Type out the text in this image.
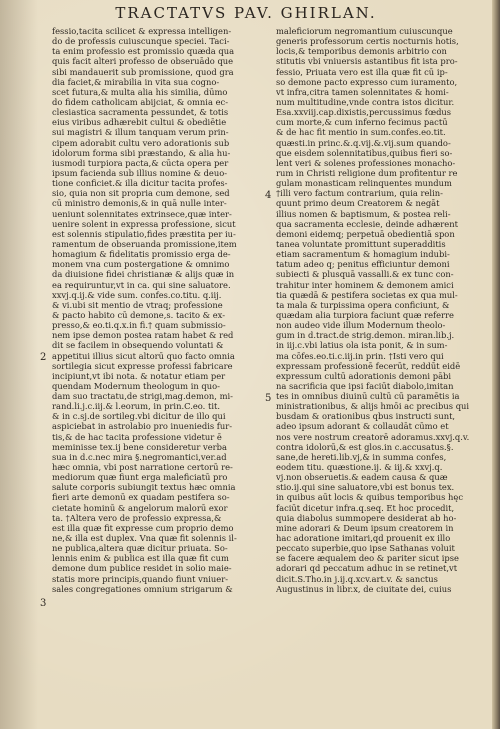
TRACTATVS PAV. GHIRLAN.
fessio,tacita scilicet & expressa intelligen-
do de professis cuiuscunque speciei. Taci-
ta enim professio est promissio quæda qua
quis facit alteri professo de obseruādo que
sibi mandauerit sub promissione, quod gra
dia faciet,& mirabilia in vita sua cogno-
scet futura,& multa alia his similia, dūmo
do fidem catholicam abijciat, & omnia ec-
clesiastica sacramenta pessundet, & totis
eius viribus adhærebit cultui & obediētie
sui magistri & illum tanquam verum prin-
cipem adorabit cultu vero adorationis sub
idolorum forma sibi præstando, & alia hu-
iusmodi turpiora pacta,& cūcta opera per
ipsum facienda sub illius nomine & deuo-
tione conficiet.& illa dicitur tacita profes-
sio, quia non sit propria cum demone, sed
cū ministro demonis,& in quā nulle inter-
ueniunt solennitates extrinsece,quæ inter-
uenire solent in expressa professione, sicut
est solennis stipulatio,fides præstita per iu-
ramentum de obseruanda promissione,item
homagium & fidelitatis promissio erga de-
monem vna cum postergatione & omnimo
da diuisione fidei christianæ & alijs quæ in
ea requiruntur,vt in ca. qui sine saluatore.
xxvj.q.ij.& vide sum. confes.co.titu. q.iij.
& vi.ubi sit mentio de vtraq; professione
& pacto habito cū demone,s. tacito & ex-
presso,& eo.ti.q.x.in fi.† quam submissio-
nem ipse demon postea ratam habet & red
dit se facilem in obsequendo voluntati &
appetitui illius sicut altorū quo facto omnia
sortilegia sicut expresse professi fabricare
incipiunt,vt ibi nota. & notatur etiam per
quendam Modernum theologum in quo-
dam suo tractatu,de strigi,mag.demon, mi-
rand.li.j.c.iij.& l.eorum, in prin.C.eo. tit.
& in c.sj.de sortileg.vbi dicitur de illo qui
aspiciebat in astrolabio pro inueniedis fur-
tis,& de hac tacita professione videtur ē
meminisse tex.ij bene consideretur verba
sua in d.c.nec mira §.negromantici,ver.ad
hæc omnia, vbi post narratione certorū re-
mediorum quæ fiunt erga maleficiatū pro
salute corporis subiungit textus hæc omnia
fieri arte demonū ex quadam pestifera so-
cietate hominū & angelorum malorū exor
ta. †Altera vero de professio expressa,&
est illa quæ fit expresse cum proprio demo
ne,& illa est duplex. Vna quæ fit solennis il-
ne publica,altera quæ dicitur priuata. So-
lennis enim & publica est illa quæ fit cum
demone dum publice residet in solio maie-
statis more principis,quando fiunt vniuer-
sales congregationes omnium strigarum &
maleficiorum negromantium cuiuscunque
generis professorum certis nocturnis hotis,
locis,& temporibus demonis arbitrio con
stitutis vbi vniuersis astantibus fit ista pro-
fessio, Priuata vero est illa quæ fit cū ip-
so demone pacto expresso cum iuramento,
vt infra,citra tamen solennitates & homi-
num multitudine,vnde contra istos dicitur.
Esa.xxviij.cap.dixistis,percussimus fœdus
cum morte,& cum inferno fecimus pactū
& de hac fit mentio in sum.confes.eo.tit.
quæsti.in princ.&.q.vij.&.vij.sum quando-
que eisdem solennitatibus,quibus fieri so-
lent veri & solenes professiones monacho-
rum in Christi religione dum profitentur re
gulam monasticam relinquentes mundum
†illi vero factum contrarium, quia relin-
quunt primo deum Creatorem & negāt
illius nomen & baptismum, & postea reli-
qua sacramenta ecclesie, deinde adhærent
demoni eidemq; perpetuā obedientiā spon
tanea voluntate promittunt superadditis
etiam sacramentum & homagium indubi-
tatum adeo q; penitus efficiuntur demoni
subiecti & plusquā vassalli.& ex tunc con-
trahitur inter hominem & demonem amici
tia quædā & pestifera societas ex qua mul-
ta mala & turpissima opera conficiunt, &
quædam alia turpiora faciunt quæ referre
non audeo vide illum Modernum theolo-
gum in d.tract.de strig.demon. miran.lib.j.
in iij.c.vbi latius ola ista ponit, & in sum-
ma cōfes.eo.ti.c.iij.in prin. †Isti vero qui
expressam professionē fecerūt, reddūt eidē
expressum cultū adorationis demoni pābi
na sacrificia que ipsi faciūt diabolo,imitan
tes in omnibus diuinū cultū cū paramētis ia
ministrationibus, & alijs hmōi ac precibus qui
busdam & orationibus qbus instructi sunt,
adeo ipsum adorant & collaudāt cūmo et
nos vere nostrum creatorē adoramus.xxvj.q.v.
contra idolorū,& est glos.in c.accusatus.§.
sane,de hereti.lib.vj,& in summa confes,
eodem titu. quæstione.ij. & iij.& xxvj.q.
vj.non obseruetis.& eadem causa & quæ
stio.ij.qui sine saluatore,vbi est bonus tex.
in quibus aūt locis & quibus temporibus hęc
faciūt dicetur infra.q.seq. Et hoc procedit,
quia diabolus summopere desiderat ab ho-
mine adorari & Deum ipsum creatorem in
hac adoratione imitari,qd prouenit ex illo
peccato superbie,quo ipse Sathanas voluit
se facere æqualem deo & pariter sicut ipse
adorari qd peccatum adhuc in se retinet,vt
dicit.S.Tho.in j.ij.q.xcv.art.v. & sanctus
Augustinus in libr.x, de ciuitate dei, cuius
2
3
4
5
